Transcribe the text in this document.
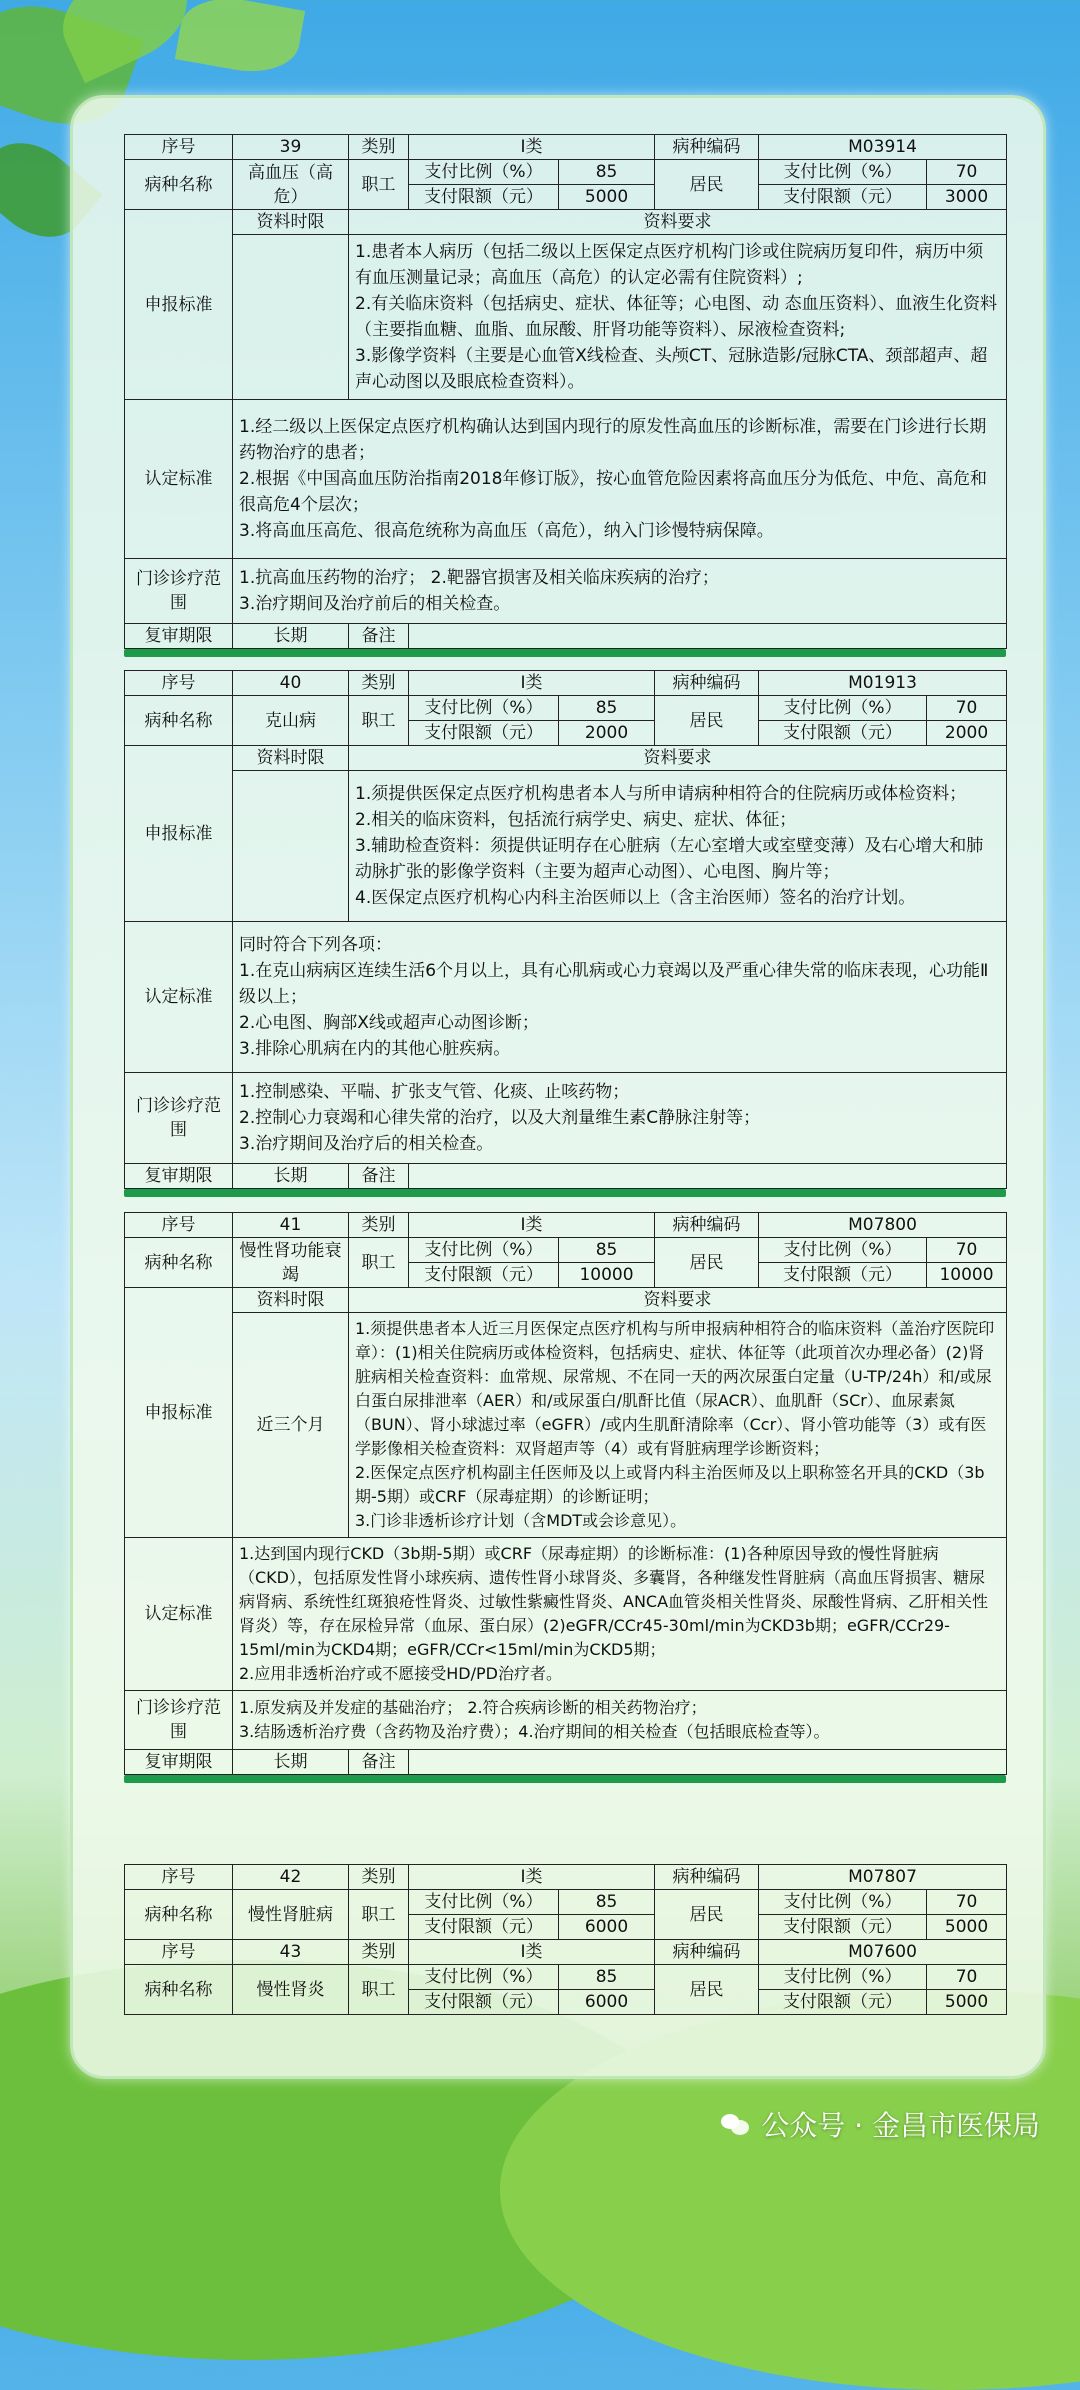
序号	39	类别	Ⅰ类		病种编码	M03914	
病种名称	高血压（高危）	职工	支付比例（%）	85	居民	支付比例（%）	70
			支付限额（元）	5000		支付限额（元）	3000
申报标准	资料时限	资料要求					

		1.患者本人病历（包括二级以上医保定点医疗机构门诊或住院病历复印件，病历中须有血压测量记录；高血压（高危）的认定必需有住院资料）;
2.有关临床资料（包括病史、症状、体征等；心电图、动 态血压资料）、血液生化资料（主要指血糖、血脂、血尿酸、肝肾功能等资料）、尿液检查资料;
3.影像学资料（主要是心血管X线检查、头颅CT、冠脉造影/冠脉CTA、颈部超声、超声心动图以及眼底检查资料）。					

认定标准	1.经二级以上医保定点医疗机构确认达到国内现行的原发性高血压的诊断标准，需要在门诊进行长期药物治疗的患者；
2.根据《中国高血压防治指南2018年修订版》，按心血管危险因素将高血压分为低危、中危、高危和很高危4个层次；
3.将高血压高危、很高危统称为高血压（高危），纳入门诊慢特病保障。						

门诊诊疗范围	1.抗高血压药物的治疗； 2.靶器官损害及相关临床疾病的治疗；
3.治疗期间及治疗前后的相关检查。						

复审期限	长期	备注					
序号	40	类别	Ⅰ类		病种编码	M01913	
病种名称	克山病	职工	支付比例（%）	85	居民	支付比例（%）	70
			支付限额（元）	2000		支付限额（元）	2000
申报标准	资料时限	资料要求					

		1.须提供医保定点医疗机构患者本人与所申请病种相符合的住院病历或体检资料；
2.相关的临床资料，包括流行病学史、病史、症状、体征；
3.辅助检查资料：须提供证明存在心脏病（左心室增大或室壁变薄）及右心增大和肺动脉扩张的影像学资料（主要为超声心动图）、心电图、胸片等；
4.医保定点医疗机构心内科主治医师以上（含主治医师）签名的治疗计划。					

认定标准	同时符合下列各项：
1.在克山病病区连续生活6个月以上，具有心肌病或心力衰竭以及严重心律失常的临床表现，心功能Ⅱ级以上；
2.心电图、胸部X线或超声心动图诊断；
3.排除心肌病在内的其他心脏疾病。						

门诊诊疗范围	1.控制感染、平喘、扩张支气管、化痰、止咳药物；
2.控制心力衰竭和心律失常的治疗，以及大剂量维生素C静脉注射等；
3.治疗期间及治疗后的相关检查。						

复审期限	长期	备注					
序号	41	类别	Ⅰ类		病种编码	M07800	
病种名称	慢性肾功能衰竭	职工	支付比例（%）	85	居民	支付比例（%）	70
			支付限额（元）	10000		支付限额（元）	10000
申报标准	资料时限	资料要求					
	近三个月	1.须提供患者本人近三月医保定点医疗机构与所申报病种相符合的临床资料（盖治疗医院印章）：(1)相关住院病历或体检资料，包括病史、症状、体征等（此项首次办理必备）(2)肾脏病相关检查资料：血常规、尿常规、不在同一天的两次尿蛋白定量（U-TP/24h）和/或尿白蛋白尿排泄率（AER）和/或尿蛋白/肌酐比值（尿ACR）、血肌酐（SCr）、血尿素氮（BUN）、肾小球滤过率（eGFR）/或内生肌酐清除率（Ccr）、肾小管功能等（3）或有医学影像相关检查资料：双肾超声等（4）或有肾脏病理学诊断资料；
2.医保定点医疗机构副主任医师及以上或肾内科主治医师及以上职称签名开具的CKD（3b期-5期）或CRF（尿毒症期）的诊断证明；
3.门诊非透析诊疗计划（含MDT或会诊意见）。					

认定标准	1.达到国内现行CKD（3b期-5期）或CRF（尿毒症期）的诊断标准：(1)各种原因导致的慢性肾脏病（CKD），包括原发性肾小球疾病、遗传性肾小球肾炎、多囊肾，各种继发性肾脏病（高血压肾损害、糖尿病肾病、系统性红斑狼疮性肾炎、过敏性紫癜性肾炎、ANCA血管炎相关性肾炎、尿酸性肾病、乙肝相关性肾炎）等，存在尿检异常（血尿、蛋白尿）(2)eGFR/CCr45-30ml/min为CKD3b期；eGFR/CCr29-15ml/min为CKD4期；eGFR/CCr<15ml/min为CKD5期；
2.应用非透析治疗或不愿接受HD/PD治疗者。						

门诊诊疗范围	1.原发病及并发症的基础治疗； 2.符合疾病诊断的相关药物治疗；
3.结肠透析治疗费（含药物及治疗费）；4.治疗期间的相关检查（包括眼底检查等）。						

复审期限	长期	备注					
序号	42	类别	Ⅰ类		病种编码	M07807	
病种名称	慢性肾脏病	职工	支付比例（%）	85	居民	支付比例（%）	70
			支付限额（元）	6000		支付限额（元）	5000
序号	43	类别	Ⅰ类		病种编码	M07600	
病种名称	慢性肾炎	职工	支付比例（%）	85	居民	支付比例（%）	70
			支付限额（元）	6000		支付限额（元）	5000
公众号 · 金昌市医保局
